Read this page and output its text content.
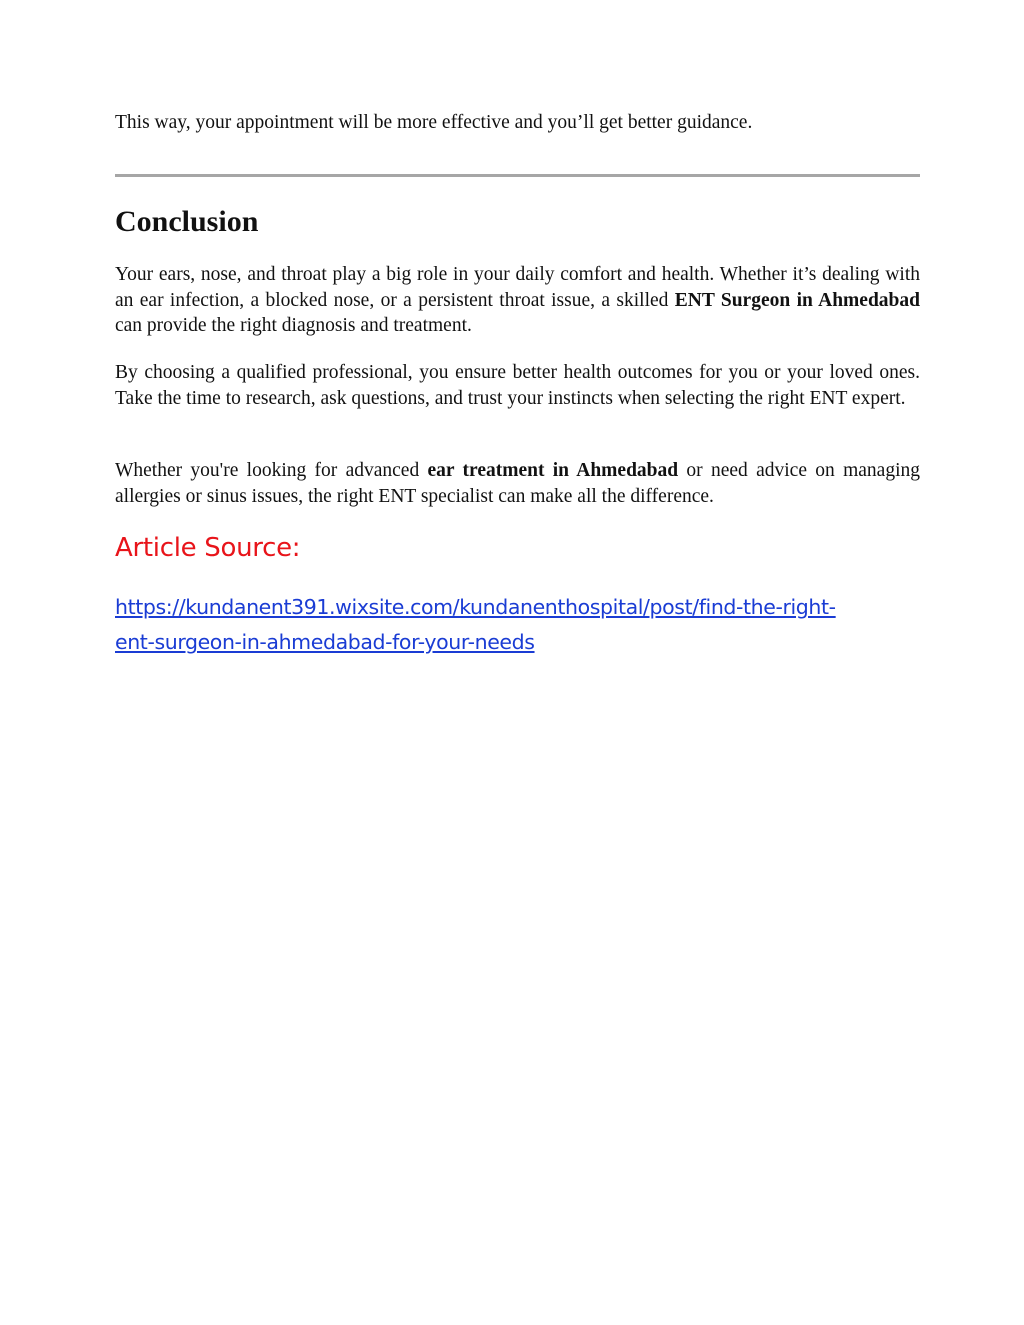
This way, your appointment will be more effective and you’ll get better guidance.

Conclusion

Your ears, nose, and throat play a big role in your daily comfort and health. Whether it’s dealing with an ear infection, a blocked nose, or a persistent throat issue, a skilled ENT Surgeon in Ahmedabad can provide the right diagnosis and treatment.

By choosing a qualified professional, you ensure better health outcomes for you or your loved ones. Take the time to research, ask questions, and trust your instincts when selecting the right ENT expert.

Whether you're looking for advanced ear treatment in Ahmedabad or need advice on managing allergies or sinus issues, the right ENT specialist can make all the difference.

Article Source:
https://kundanent391.wixsite.com/kundanenthospital/post/find-the-right-
ent-surgeon-in-ahmedabad-for-your-needs
